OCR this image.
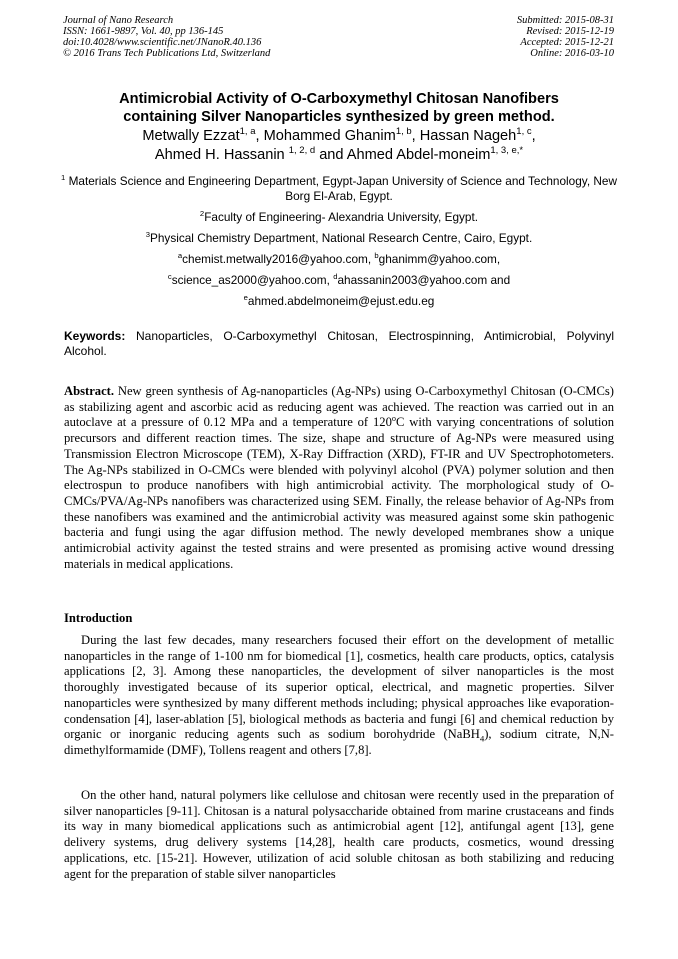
Journal of Nano Research
ISSN: 1661-9897, Vol. 40, pp 136-145
doi:10.4028/www.scientific.net/JNanoR.40.136
© 2016 Trans Tech Publications Ltd, Switzerland
Submitted: 2015-08-31
Revised: 2015-12-19
Accepted: 2015-12-21
Online: 2016-03-10
Antimicrobial Activity of O-Carboxymethyl Chitosan Nanofibers
containing Silver Nanoparticles synthesized by green method.
Metwally Ezzat$^{1, a}$, Mohammed Ghanim$^{1, b}$, Hassan Nageh$^{1, c}$,
Ahmed H. Hassanin $^{1, 2, d}$ and Ahmed Abdel-moneim$^{1, 3, e,*}$
$^1$ Materials Science and Engineering Department, Egypt-Japan University of Science and Technology, New Borg El-Arab, Egypt.
$^2$Faculty of Engineering- Alexandria University, Egypt.
$^3$Physical Chemistry Department, National Research Centre, Cairo, Egypt.
$^a$chemist.metwally2016@yahoo.com, $^b$ghanimm@yahoo.com,
$^c$science_as2000@yahoo.com, $^d$ahassanin2003@yahoo.com and
$^e$ahmed.abdelmoneim@ejust.edu.eg
Keywords: Nanoparticles, O-Carboxymethyl Chitosan, Electrospinning, Antimicrobial, Polyvinyl Alcohol.
Abstract. New green synthesis of Ag-nanoparticles (Ag-NPs) using O-Carboxymethyl Chitosan (O-CMCs) as stabilizing agent and ascorbic acid as reducing agent was achieved. The reaction was carried out in an autoclave at a pressure of 0.12 MPa and a temperature of 120$^o$C with varying concentrations of solution precursors and different reaction times. The size, shape and structure of Ag-NPs were measured using Transmission Electron Microscope (TEM), X-Ray Diffraction (XRD), FT-IR and UV Spectrophotometers. The Ag-NPs stabilized in O-CMCs were blended with polyvinyl alcohol (PVA) polymer solution and then electrospun to produce nanofibers with high antimicrobial activity. The morphological study of O-CMCs/PVA/Ag-NPs nanofibers was characterized using SEM. Finally, the release behavior of Ag-NPs from these nanofibers was examined and the antimicrobial activity was measured against some skin pathogenic bacteria and fungi using the agar diffusion method. The newly developed membranes show a unique antimicrobial activity against the tested strains and were presented as promising active wound dressing materials in medical applications.
Introduction
During the last few decades, many researchers focused their effort on the development of metallic nanoparticles in the range of 1-100 nm for biomedical [1], cosmetics, health care products, optics, catalysis applications [2, 3]. Among these nanoparticles, the development of silver nanoparticles is the most thoroughly investigated because of its superior optical, electrical, and magnetic properties. Silver nanoparticles were synthesized by many different methods including; physical approaches like evaporation-condensation [4], laser-ablation [5], biological methods as bacteria and fungi [6] and chemical reduction by organic or inorganic reducing agents such as sodium borohydride (NaBH$_4$), sodium citrate, N,N-dimethylformamide (DMF), Tollens reagent and others [7,8].
On the other hand, natural polymers like cellulose and chitosan were recently used in the preparation of silver nanoparticles [9-11]. Chitosan is a natural polysaccharide obtained from marine crustaceans and finds its way in many biomedical applications such as antimicrobial agent [12], antifungal agent [13], gene delivery systems, drug delivery systems [14,28], health care products, cosmetics, wound dressing applications, etc. [15-21]. However, utilization of acid soluble chitosan as both stabilizing and reducing agent for the preparation of stable silver nanoparticles
